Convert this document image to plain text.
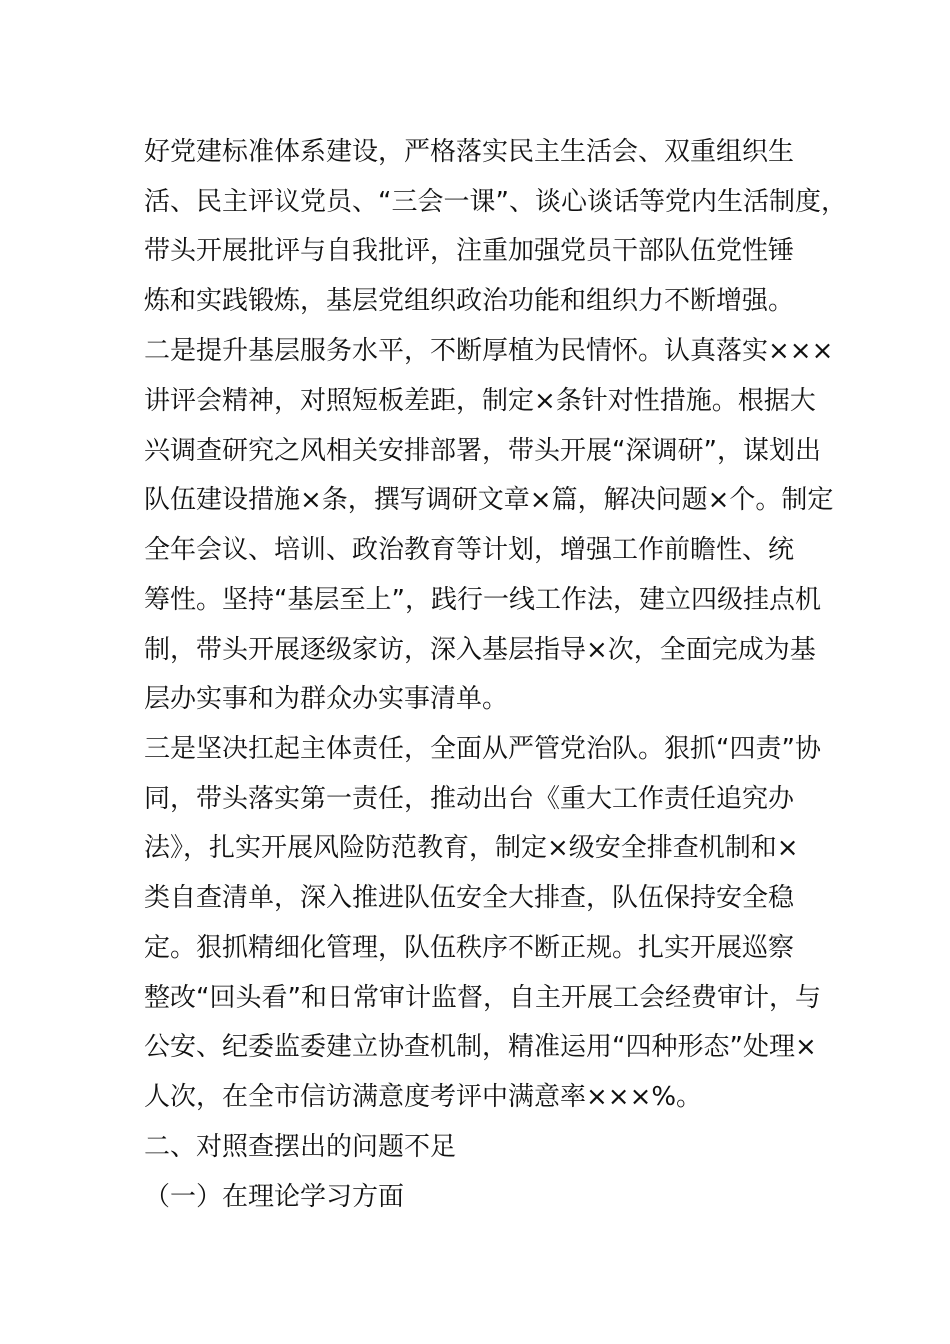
好党建标准体系建设，严格落实民主生活会、双重组织生

活、民主评议党员、“三会一课”、谈心谈话等党内生活制度，

带头开展批评与自我批评，注重加强党员干部队伍党性锤

炼和实践锻炼，基层党组织政治功能和组织力不断增强。

二是提升基层服务水平，不断厚植为民情怀。认真落实×××

讲评会精神，对照短板差距，制定×条针对性措施。根据大

兴调查研究之风相关安排部署，带头开展“深调研”，谋划出

队伍建设措施×条，撰写调研文章×篇，解决问题×个。制定

全年会议、培训、政治教育等计划，增强工作前瞻性、统

筹性。坚持“基层至上”，践行一线工作法，建立四级挂点机

制，带头开展逐级家访，深入基层指导×次，全面完成为基

层办实事和为群众办实事清单。

三是坚决扛起主体责任，全面从严管党治队。狠抓“四责”协

同，带头落实第一责任，推动出台《重大工作责任追究办

法》，扎实开展风险防范教育，制定×级安全排查机制和×

类自查清单，深入推进队伍安全大排查，队伍保持安全稳

定。狠抓精细化管理，队伍秩序不断正规。扎实开展巡察

整改“回头看”和日常审计监督，自主开展工会经费审计，与

公安、纪委监委建立协查机制，精准运用“四种形态”处理×

人次，在全市信访满意度考评中满意率×××%。

二、对照查摆出的问题不足

（一）在理论学习方面
